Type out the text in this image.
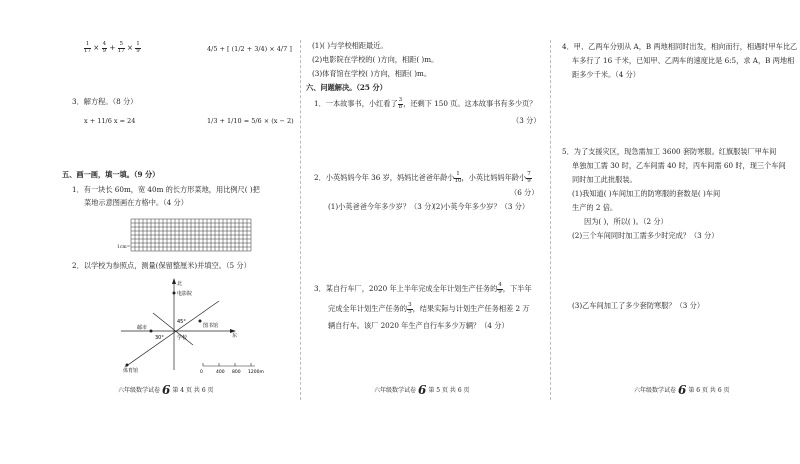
$\frac{1}{17} \times \frac{4}{9} + \frac{5}{17} \times \frac{1}{9}$	4/5 + [ (1/2 + 3/4) × 4/7 ]
3．解方程。（8 分）
x + 11/6 x = 24	1/3 + 1/10 = 5/6 × (x − 2)
五、画一画，填一填。（9 分）
1．有一块长 60m，宽 40m 的长方形菜地，用比例尺( )把
菜地示意图画在方格中。（4 分）
1cm=
2．以学校为参照点，测量(保留整厘米)并填空。（5 分）
电影院
北
东
学校
图书馆
邮市
体育馆
30°
45°
0	400 800 1200m
六年级数学试卷 6 第 4 页 共 6 页
(1)( )与学校相距最近。
(2)电影院在学校的( )方向，相距( )m。
(3)体育馆在学校( )方向，相距( )m。
六、问题解决。（25 分）
1．一本故事书，小红看了 $\frac{3}{8}$ ，还剩下 150 页。这本故事书有多少页？
（3 分）
2．小英妈妈今年 36 岁，妈妈比爸爸年龄小 $\frac{1}{10}$ ，小英比妈妈年龄小 $\frac{7}{9}$
（6 分）
(1)小英爸爸今年多少岁？（3 分）
(2)小英今年多少岁？（3 分）
3．某自行车厂，2020 年上半年完成全年计划生产任务的 $\frac{4}{9}$ ，下半年
完成全年计划生产任务的 $\frac{3}{5}$ ，结果实际与计划生产任务相差 2 万
辆自行车。该厂 2020 年生产自行车多少万辆？（4 分）
六年级数学试卷 6 第 5 页 共 6 页
4．甲、乙两车分别从 A，B 两地相同时出发，相向而行，相遇时甲车比乙
车多行了 16 千米，已知甲、乙两车的速度比是 6:5，求 A，B 两地相
距多少千米。（4 分）
5．为了支援灾区，现急需加工 3600 套防寒服。红旗服装厂甲车间
单独加工需 30 时，乙车间需 40 时，丙车间需 60 时，现三个车间
同时加工此批服装。
(1)我知道( )车间加工的防寒服的套数是( )车间
生产的 2 倍。
因为( )，所以( )。（2 分）
(2)三个车间同时加工需多少时完成？（3 分）
(3)乙车间加工了多少套防寒服？（3 分）
六年级数学试卷 6 第 6 页 共 6 页
